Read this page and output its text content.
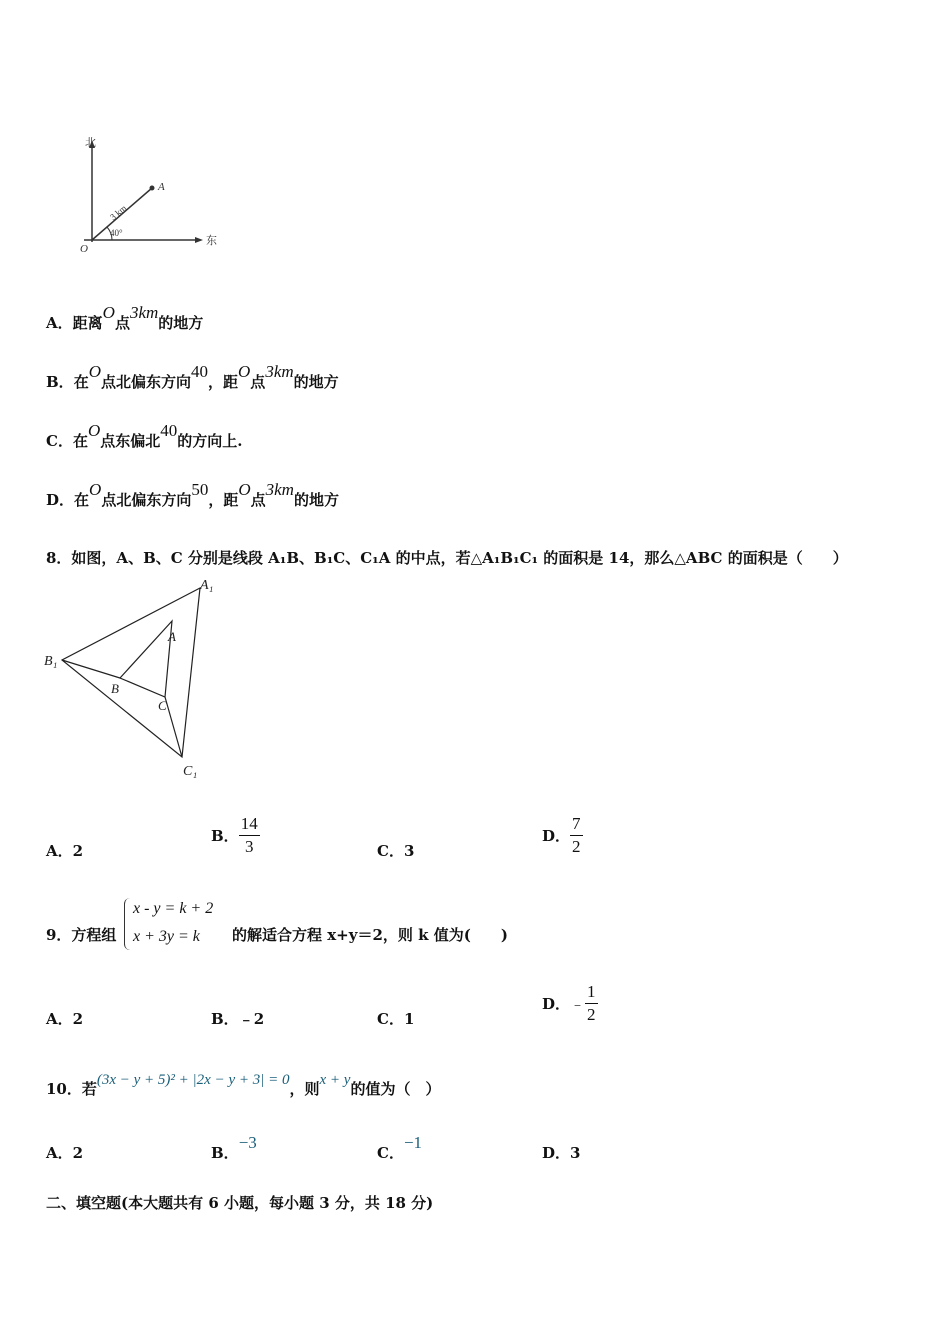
北
东
O
A
3 km
40°
A．距离O点3km的地方
B．在O点北偏东方向40，距O点3km的地方
C．在O点东偏北40的方向上.
D．在O点北偏东方向50，距O点3km的地方
8．如图，A、B、C 分别是线段 A₁B、B₁C、C₁A 的中点，若△A₁B₁C₁ 的面积是 14，那么△ABC 的面积是（　　）
A₁
B₁
C₁
A
B
C
A．2
B． $\frac{14}{3}$	C．3
D． $\frac{7}{2}$
9．方程组
x - y = k + 2
x + 3y = k 的解适合方程 x+y＝2，则 k 值为(　　)
A．2	B．﹣2	C．1
D．﹣ $\frac{1}{2}$
10．若(3x − y + 5)² + |2x − y + 3| = 0，则x + y的值为（　）
A．2	B．−3
C．−1
D．3
二、填空题(本大题共有 6 小题，每小题 3 分，共 18 分)
